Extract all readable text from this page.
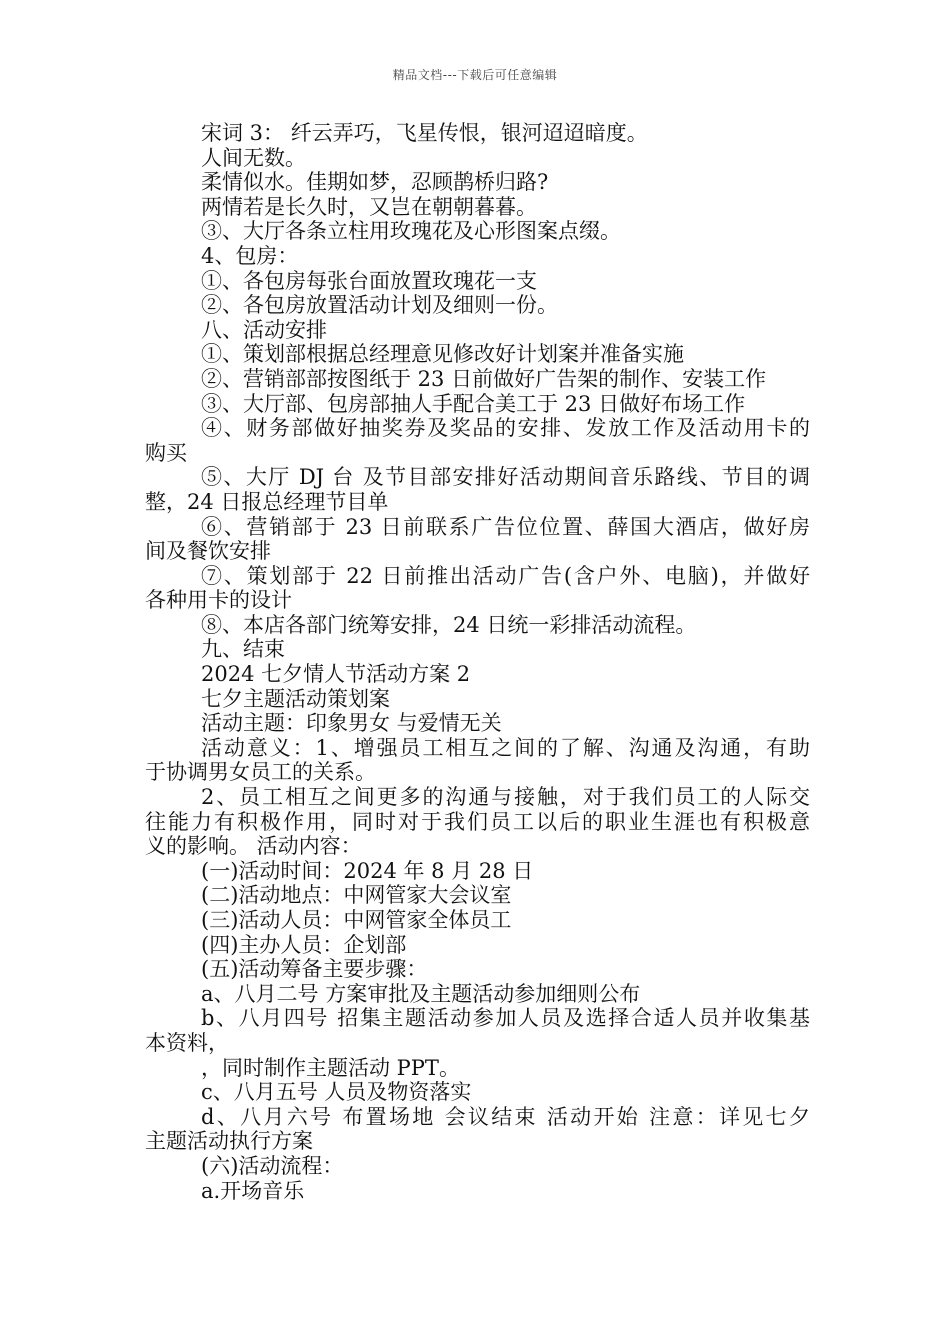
精品文档---下载后可任意编辑
宋词 3： 纤云弄巧，飞星传恨，银河迢迢暗度。
人间无数。
柔情似水。佳期如梦，忍顾鹊桥归路?
两情若是长久时，又岂在朝朝暮暮。
③、大厅各条立柱用玫瑰花及心形图案点缀。
4、包房：
①、各包房每张台面放置玫瑰花一支
②、各包房放置活动计划及细则一份。
八、活动安排
①、策划部根据总经理意见修改好计划案并准备实施
②、营销部部按图纸于 23 日前做好广告架的制作、安装工作
③、大厅部、包房部抽人手配合美工于 23 日做好布场工作
④、财务部做好抽奖券及奖品的安排、发放工作及活动用卡的
购买
⑤、大厅 DJ 台 及节目部安排好活动期间音乐路线、节目的调
整，24 日报总经理节目单
⑥、营销部于 23 日前联系广告位位置、薛国大酒店，做好房
间及餐饮安排
⑦、策划部于 22 日前推出活动广告(含户外、电脑)，并做好
各种用卡的设计
⑧、本店各部门统筹安排，24 日统一彩排活动流程。
九、结束
2024 七夕情人节活动方案 2
七夕主题活动策划案
活动主题：印象男女 与爱情无关
活动意义：1、增强员工相互之间的了解、沟通及沟通，有助
于协调男女员工的关系。
2、员工相互之间更多的沟通与接触，对于我们员工的人际交
往能力有积极作用，同时对于我们员工以后的职业生涯也有积极意
义的影响。 活动内容：
(一)活动时间：2024 年 8 月 28 日
(二)活动地点：中网管家大会议室
(三)活动人员：中网管家全体员工
(四)主办人员：企划部
(五)活动筹备主要步骤：
a、八月二号 方案审批及主题活动参加细则公布
b、八月四号 招集主题活动参加人员及选择合适人员并收集基
本资料，
，同时制作主题活动 PPT。
c、八月五号 人员及物资落实
d、八月六号 布置场地 会议结束 活动开始 注意：详见七夕
主题活动执行方案
(六)活动流程：
a.开场音乐
